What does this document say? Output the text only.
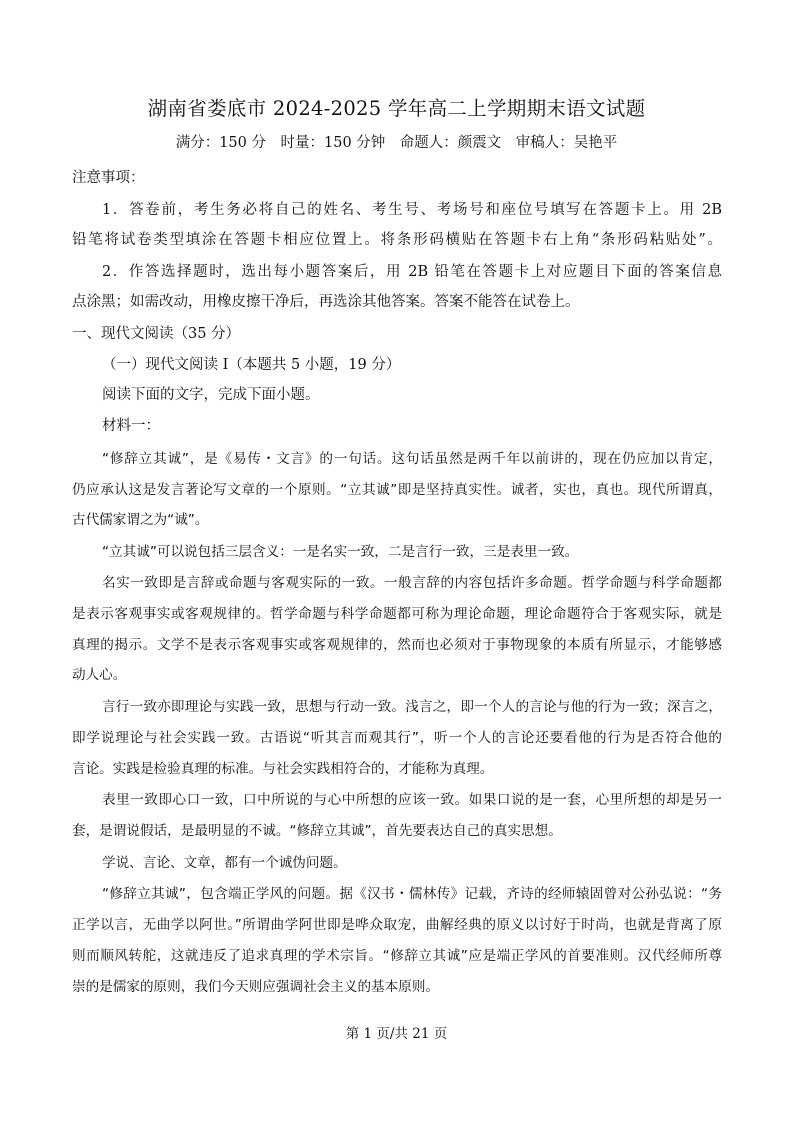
湖南省娄底市 2024-2025 学年高二上学期期末语文试题
满分：150 分　时量：150 分钟　命题人：颜震文　审稿人：吴艳平
注意事项：
1．答卷前，考生务必将自己的姓名、考生号、考场号和座位号填写在答题卡上。用 2B
铅笔将试卷类型填涂在答题卡相应位置上。将条形码横贴在答题卡右上角“条形码粘贴处”。
2．作答选择题时，选出每小题答案后，用 2B 铅笔在答题卡上对应题目下面的答案信息
点涂黑；如需改动，用橡皮擦干净后，再选涂其他答案。答案不能答在试卷上。
一、现代文阅读（35 分）
（一）现代文阅读 I（本题共 5 小题，19 分）
阅读下面的文字，完成下面小题。
材料一：
“修辞立其诚”，是《易传・文言》的一句话。这句话虽然是两千年以前讲的，现在仍应加以肯定，
仍应承认这是发言著论写文章的一个原则。“立其诚”即是坚持真实性。诚者，实也，真也。现代所谓真，
古代儒家谓之为“诚”。
“立其诚”可以说包括三层含义：一是名实一致，二是言行一致，三是表里一致。
名实一致即是言辞或命题与客观实际的一致。一般言辞的内容包括许多命题。哲学命题与科学命题都
是表示客观事实或客观规律的。哲学命题与科学命题都可称为理论命题，理论命题符合于客观实际，就是
真理的揭示。文学不是表示客观事实或客观规律的，然而也必须对于事物现象的本质有所显示，才能够感
动人心。
言行一致亦即理论与实践一致，思想与行动一致。浅言之，即一个人的言论与他的行为一致；深言之，
即学说理论与社会实践一致。古语说“听其言而观其行”，听一个人的言论还要看他的行为是否符合他的
言论。实践是检验真理的标准。与社会实践相符合的，才能称为真理。
表里一致即心口一致，口中所说的与心中所想的应该一致。如果口说的是一套，心里所想的却是另一
套，是谓说假话，是最明显的不诚。“修辞立其诚”，首先要表达自己的真实思想。
学说、言论、文章，都有一个诚伪问题。
“修辞立其诚”，包含端正学风的问题。据《汉书・儒林传》记载，齐诗的经师辕固曾对公孙弘说：“务
正学以言，无曲学以阿世。”所谓曲学阿世即是哗众取宠，曲解经典的原义以讨好于时尚，也就是背离了原
则而顺风转舵，这就违反了追求真理的学术宗旨。“修辞立其诚”应是端正学风的首要准则。汉代经师所尊
崇的是儒家的原则，我们今天则应强调社会主义的基本原则。
第 1 页/共 21 页
